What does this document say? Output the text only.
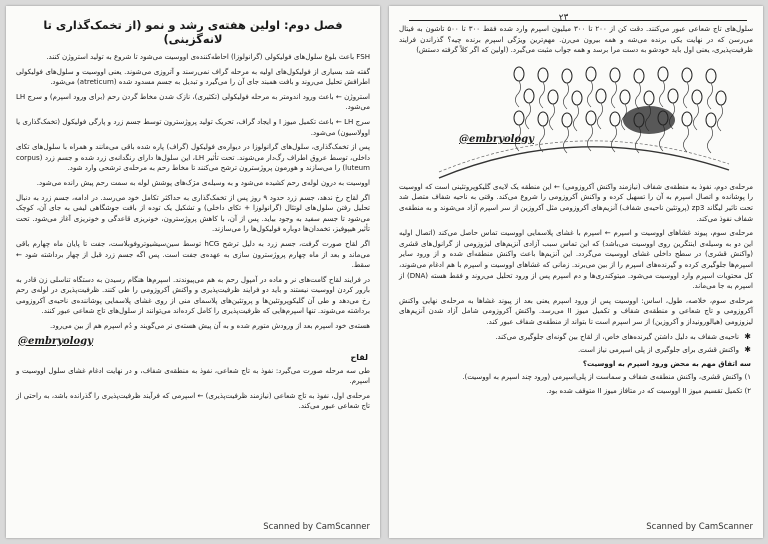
فصل دوم: اولین هفته‌ی رشد و نمو (از تخمک‌گذاری تا لانه‌گزینی)

FSH باعث بلوغ سلول‌های فولیکولی (گرانولوزا) احاطه‌کننده‌ی اووسیت می‌شود تا شروع به تولید استروژن کنند.

گفته شد بسیاری از فولیکول‌های اولیه به مرحله گراف نمی‌رسند و آتروزی می‌شوند. یعنی اووسیت و سلول‌های فولیکولی اطرافش تحلیل می‌روند و بافت همبند جای آن را می‌گیرد و تبدیل به جسم مسدود شده (atreticum) می‌شود.

استروژن ← باعث ورود اندومتر به مرحله فولیکولی (تکثیری)، نازک شدن مخاط گردن رحم (برای ورود اسپرم) و سرج LH می‌شود.

سرج LH ← باعث تکمیل میوز I و ایجاد گراف، تحریک تولید پروژسترون توسط جسم زرد و پارگی فولیکول (تخمک‌گذاری یا اوولاسیون) می‌شود.

پس از تخمک‌گذاری، سلول‌های گرانولوزا در دیواره‌ی فولیکول (گراف) پاره شده باقی می‌مانند و همراه با سلول‌های تکای داخلی، توسط عروق اطراف رگ‌دار می‌شوند. تحت تأثیر LH، این سلول‌ها دارای رنگدانه‌ی زرد شده و جسم زرد (corpus luteum) را می‌سازند و هورمون پروژسترون ترشح می‌کنند تا مخاط رحم به مرحله‌ی ترشحی وارد شود.

اووسیت به درون لوله‌ی رحم کشیده می‌شود و به وسیله‌ی مژک‌های پوشش لوله به سمت رحم پیش رانده می‌شود.

اگر لقاح رخ ندهد، جسم زرد حدود ۹ روز پس از تخمک‌گذاری به حداکثر تکامل خود می‌رسد. در ادامه، جسم زرد به دنبال تحلیل رفتن سلول‌های لوتئال (گرانولوزا + تکای داخلی) و تشکیل یک توده از بافت جوشگاهی لیفی به جای آن، کوچک می‌شود تا جسم سفید به وجود بیاید. پس از آن، با کاهش پروژسترون، خونریزی قاعدگی و خونریزی آغاز می‌شود. تحت تأثیر هیپوفیز، تخمدان‌ها دوباره فولیکول‌ها را می‌سازند.

اگر لقاح صورت گرفت، جسم زرد به دلیل ترشح hCG توسط سین‌سیشیوتروفوبلاست، جفت تا پایان ماه چهارم باقی می‌ماند و بعد از ماه چهارم پروژسترون سازی به عهده‌ی جفت است. پس اگه جسم زرد قبل از چهار برداشته شود ← سقط.

در فرایند لقاح گامت‌های نر و ماده در آمپول رحم به هم می‌پیوندند. اسپرم‌ها هنگام رسیدن به دستگاه تناسلی زن قادر به بارور کردن اووسیت نیستند و باید دو فرایند ظرفیت‌پذیری و واکنش آکروزومی را طی کنند. ظرفیت‌پذیری در لوله‌ی رحم رخ می‌دهد و طی آن گلیکوپروتئین‌ها و پروتئین‌های پلاسمای منی از روی غشای پلاسمایی پوشاننده‌ی ناحیه‌ی آکروزومی برداشته می‌شوند. تنها اسپرم‌هایی که ظرفیت‌پذیری را کامل کرده‌اند می‌توانند از سلول‌های تاج شعاعی عبور کنند.

هسته‌ی خود اسپرم بعد از ورودش متورم شده و به آن پیش هسته‌ی نر می‌گویند و دُم اسپرم هم از بین می‌رود.

@embryology
لقاح

طی سه مرحله صورت می‌گیرد: نفوذ به تاج شعاعی، نفوذ به منطقه‌ی شفاف، و در نهایت ادغام غشای سلول اووسیت و اسپرم.

مرحله‌ی اول، نفوذ به تاج شعاعی (نیازمند ظرفیت‌پذیری) ← اسپرمی که فرآیند ظرفیت‌پذیری را گذرانده باشد، به راحتی از تاج شعاعی عبور می‌کند.

Scanned by CamScanner
۲۳

سلول‌های تاج شعاعی عبور می‌کنند. دقت کن از ۲۰۰ تا ۳۰۰ میلیون اسپرم وارد شده فقط ۳۰۰ تا ۵۰۰ تاشون به فیتال می‌رسن که در نهایت یکی برنده می‌شه و همه بیرون می‌رن. مهم‌ترین ویژگی اسپرم برنده چیه؟ گذراندن فرایند ظرفیت‌پذیری، یعنی اول باید خودشو به دست مرا برسد و همه جواب مثبت می‌گیرد. (اولین که اگر کلاً گرفته دستش)

@embryology

مرحله‌ی دوم، نفوذ به منطقه‌ی شفاف (نیازمند واکنش آکروزومی) ← این منطقه یک لایه‌ی گلیکوپروتئینی است که اووسیت را پوشانده و اتصال اسپرم به آن را تسهیل کرده و واکنش آکروزومی را شروع می‌کند. وقتی به ناحیه شفاف متصل شد تحت تاثیر لیگاند zp3 (پروتئین ناحیه‌ی شفاف) آنزیم‌های آکروزومی مثل آکروزین از سر اسپرم آزاد می‌شوند و به منطقه‌ی شفاف نفوذ می‌کند.

مرحله‌ی سوم، پیوند غشاهای اووسیت و اسپرم ← اسپرم با غشای پلاسمایی اووسیت تماس حاصل می‌کند (اتصال اولیه این دو به وسیله‌ی اینتگرین روی اووسیت می‌باشد) که این تماس سبب آزادی آنزیم‌های لیزوزومی از گرانول‌های قشری (واکنش قشری) در سطح داخلی غشای اووسیت می‌گردد. این آنزیم‌ها باعث واکنش منطقه‌ای شده و از ورود سایر اسپرم‌ها جلوگیری کرده و گیرنده‌های اسپرم را از بین می‌برند. زمانی که غشاهای اووسیت و اسپرم با هم ادغام می‌شوند، کل محتویات اسپرم وارد اووسیت می‌شود. میتوکندری‌ها و دم اسپرم پس از ورود تحلیل می‌روند و فقط هسته (DNA) از اسپرم به جا می‌ماند.

مرحله‌ی سوم، خلاصه، طول، اساس: اووسیت پس از ورود اسپرم یعنی بعد از پیوند غشاها به مرحله‌ی نهایی واکنش آکروزومی و تاج شعاعی و منطقه‌ی شفاف و تکمیل میوز II می‌رسد. واکنش آکروزومی شامل آزاد شدن آنزیم‌های لیزوزومی (هیالورونیداز و آکروزین) از سر اسپرم است تا بتواند از منطقه‌ی شفاف عبور کند.

✱
ناحیه‌ی شفاف به دلیل داشتن گیرنده‌های خاص، از لقاح بین گونه‌ای جلوگیری می‌کند.
✱
واکنش قشری برای جلوگیری از پلی اسپرمی نیاز است.
سه اتفاق مهم به محض ورود اسپرم به اووسیت؟
۱) واکنش قشری، واکنش منطقه‌ی شفاف و سماست از پلی‌اسپرمی (ورود چند اسپرم به اووسیت).
۲) تکمیل تقسیم میوز II اووسیت که در متافاز میوز II متوقف شده بود.
Scanned by CamScanner
